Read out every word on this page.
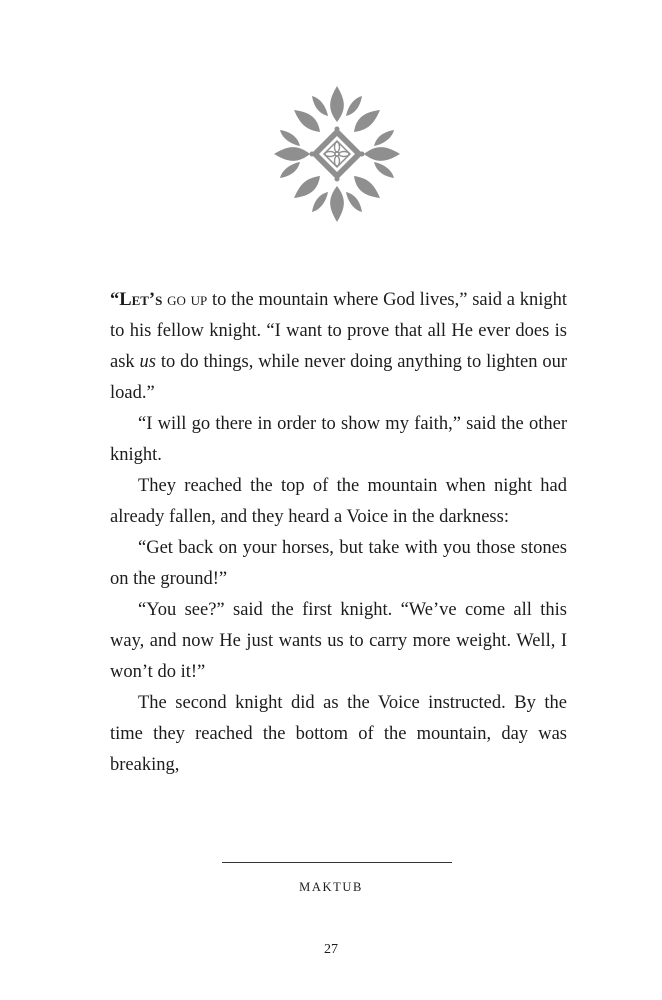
“Let’s go up to the mountain where God lives,” said a knight to his fellow knight. “I want to prove that all He ever does is ask us to do things, while never doing anything to lighten our load.”

“I will go there in order to show my faith,” said the other knight.

They reached the top of the mountain when night had already fallen, and they heard a Voice in the darkness:

“Get back on your horses, but take with you those stones on the ground!”

“You see?” said the first knight. “We’ve come all this way, and now He just wants us to carry more weight. Well, I won’t do it!”

The second knight did as the Voice instructed. By the time they reached the bottom of the mountain, day was breaking,

MAKTUB
27
